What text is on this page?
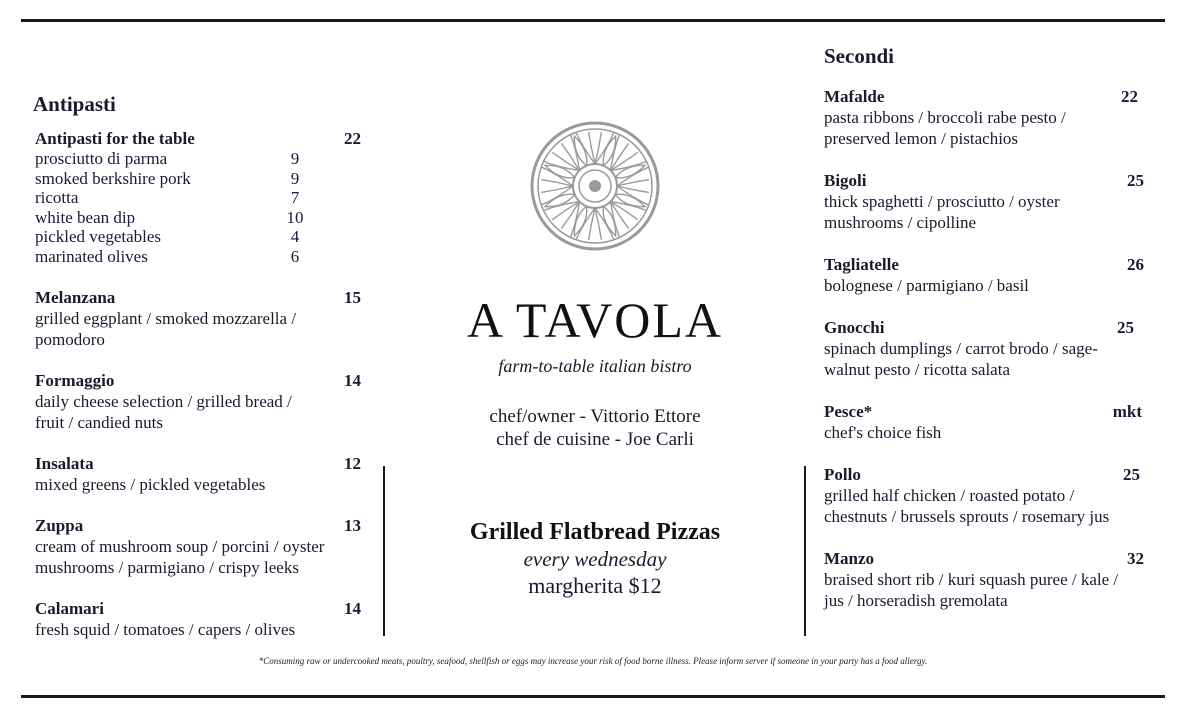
Antipasti
Antipasti for the table	22
prosciutto di parma	9
smoked berkshire pork	9
ricotta	7
white bean dip	10
pickled vegetables	4
marinated olives	6
Melanzana	15
grilled eggplant / smoked mozzarella / pomodoro
Formaggio	14
daily cheese selection / grilled bread / fruit / candied nuts
Insalata	12
mixed greens / pickled vegetables
Zuppa	13
cream of mushroom soup / porcini / oyster mushrooms / parmigiano / crispy leeks
Calamari	14
fresh squid / tomatoes / capers / olives
A TAVOLA
farm-to-table italian bistro
chef/owner - Vittorio Ettore
chef de cuisine - Joe Carli
Grilled Flatbread Pizzas
every wednesday
margherita $12
Secondi
Mafalde	22
pasta ribbons / broccoli rabe pesto / preserved lemon / pistachios
Bigoli	25
thick spaghetti / prosciutto / oyster mushrooms / cipolline
Tagliatelle	26
bolognese / parmigiano / basil
Gnocchi	25
spinach dumplings / carrot brodo / sage-walnut pesto / ricotta salata
Pesce*	mkt
chef's choice fish
Pollo	25
grilled half chicken / roasted potato / chestnuts / brussels sprouts / rosemary jus
Manzo	32
braised short rib / kuri squash puree / kale / jus / horseradish gremolata
*Consuming raw or undercooked meats, poultry, seafood, shellfish or eggs may increase your risk of food borne illness. Please inform server if someone in your party has a food allergy.
